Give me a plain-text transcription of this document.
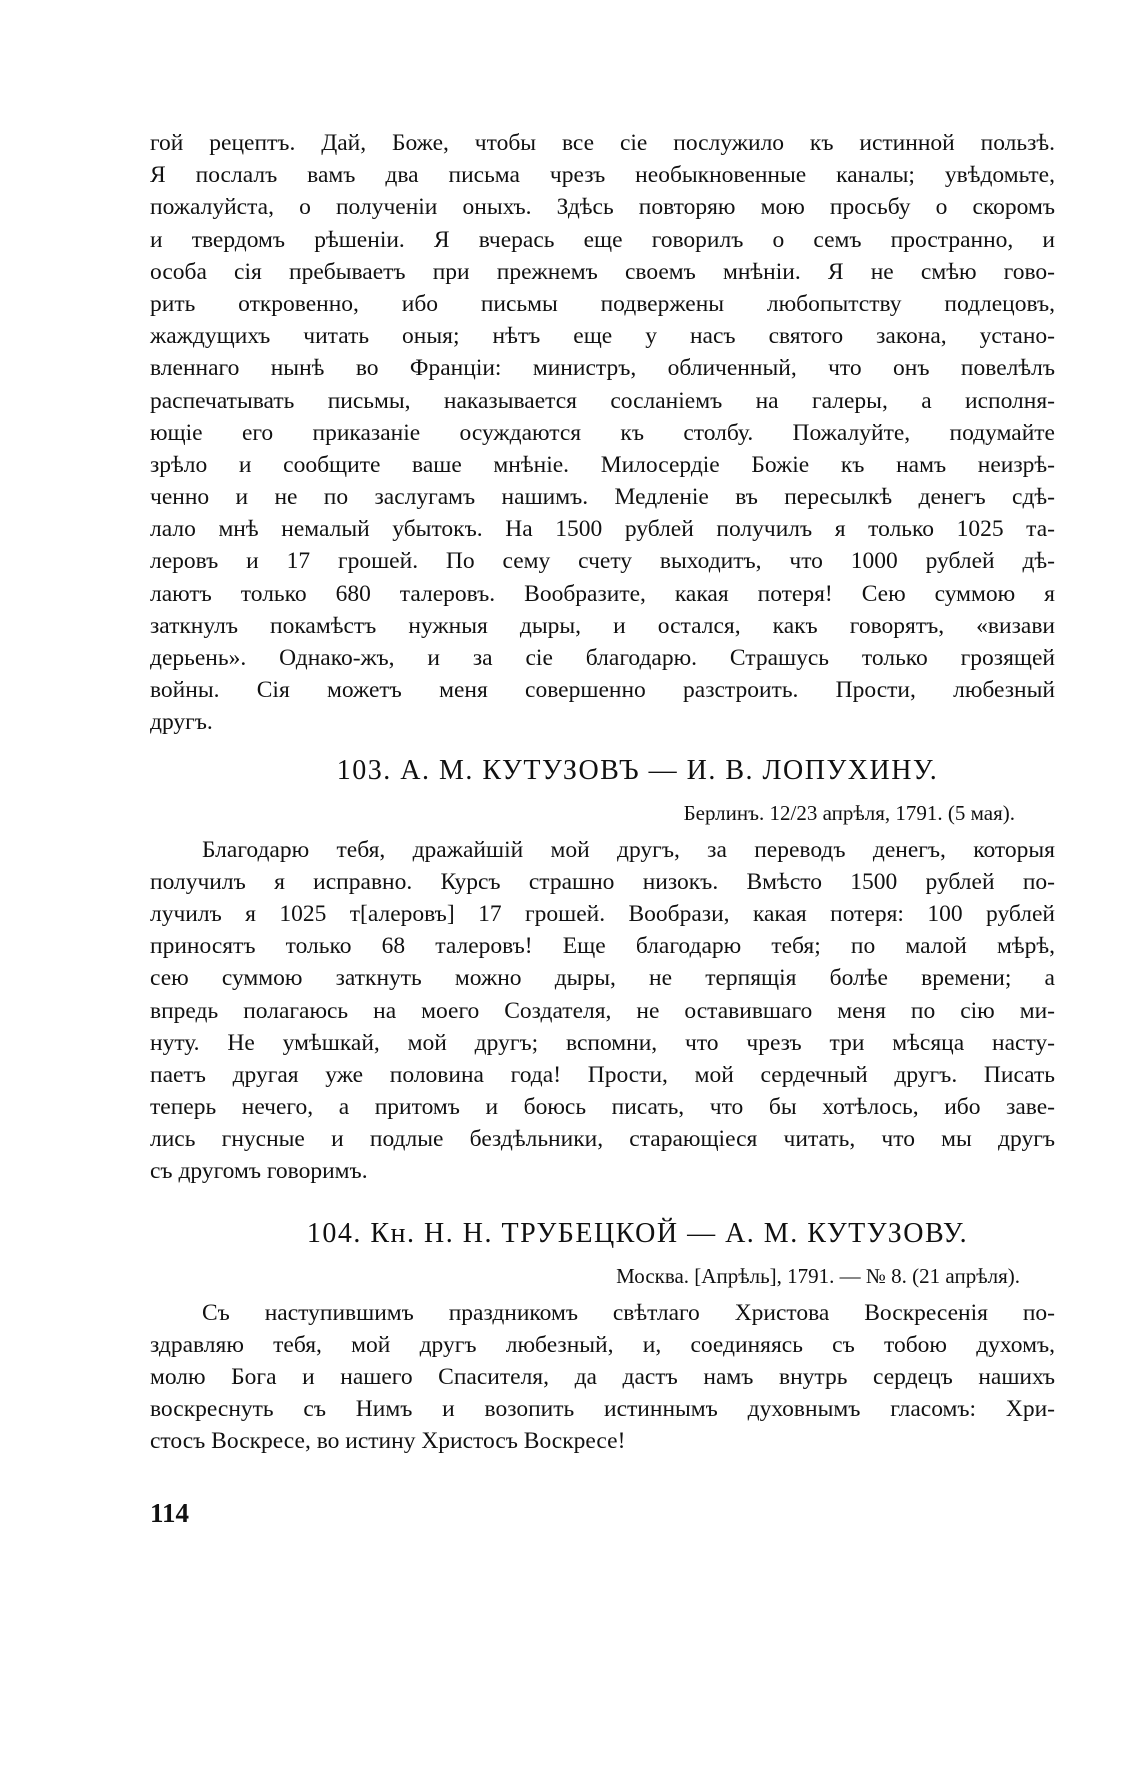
гой рецептъ. Дай, Боже, чтобы все сіе послужило къ истинной пользѣ.
Я послалъ вамъ два письма чрезъ необыкновенные каналы; увѣдомьте,
пожалуйста, о полученіи оныхъ. Здѣсь повторяю мою просьбу о скоромъ
и твердомъ рѣшеніи. Я вчерась еще говорилъ о семъ пространно, и
особа сія пребываетъ при прежнемъ своемъ мнѣніи. Я не смѣю гово-
рить откровенно, ибо письмы подвержены любопытству подлецовъ,
жаждущихъ читать оныя; нѣтъ еще у насъ святого закона, устано-
вленнаго нынѣ во Франціи: министръ, обличенный, что онъ повелѣлъ
распечатывать письмы, наказывается сосланіемъ на галеры, а исполня-
ющіе его приказаніе осуждаются къ столбу. Пожалуйте, подумайте
зрѣло и сообщите ваше мнѣніе. Милосердіе Божіе къ намъ неизрѣ-
ченно и не по заслугамъ нашимъ. Медленіе въ пересылкѣ денегъ сдѣ-
лало мнѣ немалый убытокъ. На 1500 рублей получилъ я только 1025 та-
леровъ и 17 грошей. По сему счету выходитъ, что 1000 рублей дѣ-
лаютъ только 680 талеровъ. Вообразите, какая потеря! Сею суммою я
заткнулъ покамѣстъ нужныя дыры, и остался, какъ говорятъ, «визави
дерьень». Однако-жъ, и за сіе благодарю. Страшусь только грозящей
войны. Сія можетъ меня совершенно разстроить. Прости, любезный
другъ.
103. А. М. КУТУЗОВЪ — И. В. ЛОПУХИНУ.
Берлинъ. 12/23 апрѣля, 1791. (5 мая).
Благодарю тебя, дражайшій мой другъ, за переводъ денегъ, которыя
получилъ я исправно. Курсъ страшно низокъ. Вмѣсто 1500 рублей по-
лучилъ я 1025 т[алеровъ] 17 грошей. Вообрази, какая потеря: 100 рублей
приносятъ только 68 талеровъ! Еще благодарю тебя; по малой мѣрѣ,
сею суммою заткнуть можно дыры, не терпящія болѣе времени; а
впредь полагаюсь на моего Создателя, не оставившаго меня по сію ми-
нуту. Не умѣшкай, мой другъ; вспомни, что чрезъ три мѣсяца насту-
паетъ другая уже половина года! Прости, мой сердечный другъ. Писать
теперь нечего, а притомъ и боюсь писать, что бы хотѣлось, ибо заве-
лись гнусные и подлые бездѣльники, старающіеся читать, что мы другъ
съ другомъ говоримъ.
104. Кн. Н. Н. ТРУБЕЦКОЙ — А. М. КУТУЗОВУ.
Москва. [Апрѣль], 1791. — № 8. (21 апрѣля).
Съ наступившимъ праздникомъ свѣтлаго Христова Воскресенія по-
здравляю тебя, мой другъ любезный, и, соединяясь съ тобою духомъ,
молю Бога и нашего Спасителя, да дастъ намъ внутрь сердецъ нашихъ
воскреснуть съ Нимъ и возопить истиннымъ духовнымъ гласомъ: Хри-
стосъ Воскресе, во истину Христосъ Воскресе!
114
